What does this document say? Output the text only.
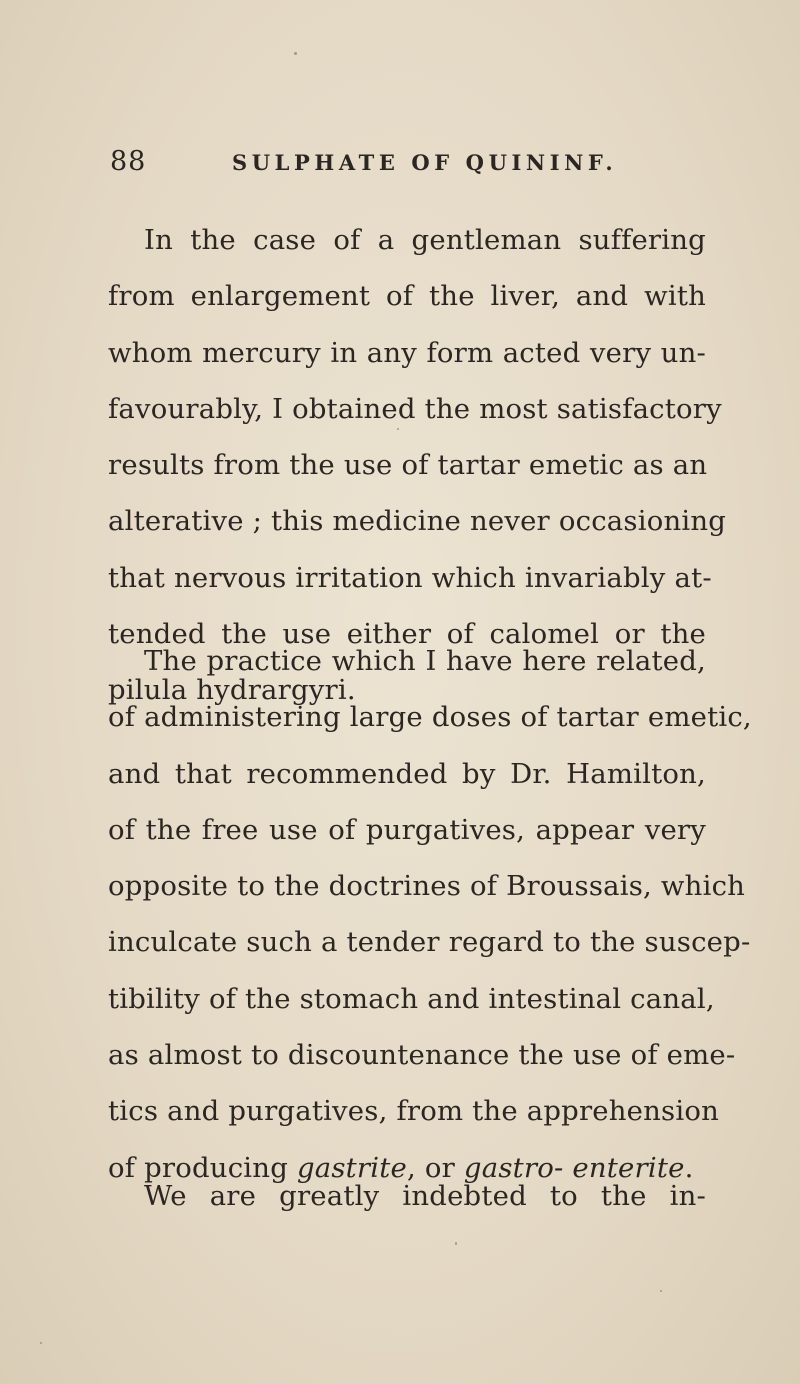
88	SULPHATE OF QUININF.
In the case of a gentleman suffering
from enlargement of the liver, and with
whom mercury in any form acted very un-
favourably, I obtained the most satisfactory
results from the use of tartar emetic as an
alterative ; this medicine never occasioning
that nervous irritation which invariably at-
tended the use either of calomel or the
pilula hydrargyri.
The practice which I have here related,
of administering large doses of tartar emetic,
and that recommended by Dr. Hamilton,
of the free use of purgatives, appear very
opposite to the doctrines of Broussais, which
inculcate such a tender regard to the suscep-
tibility of the stomach and intestinal canal,
as almost to discountenance the use of eme-
tics and purgatives, from the apprehension
of producing gastrite, or gastro- enterite.
We are greatly indebted to the in-
